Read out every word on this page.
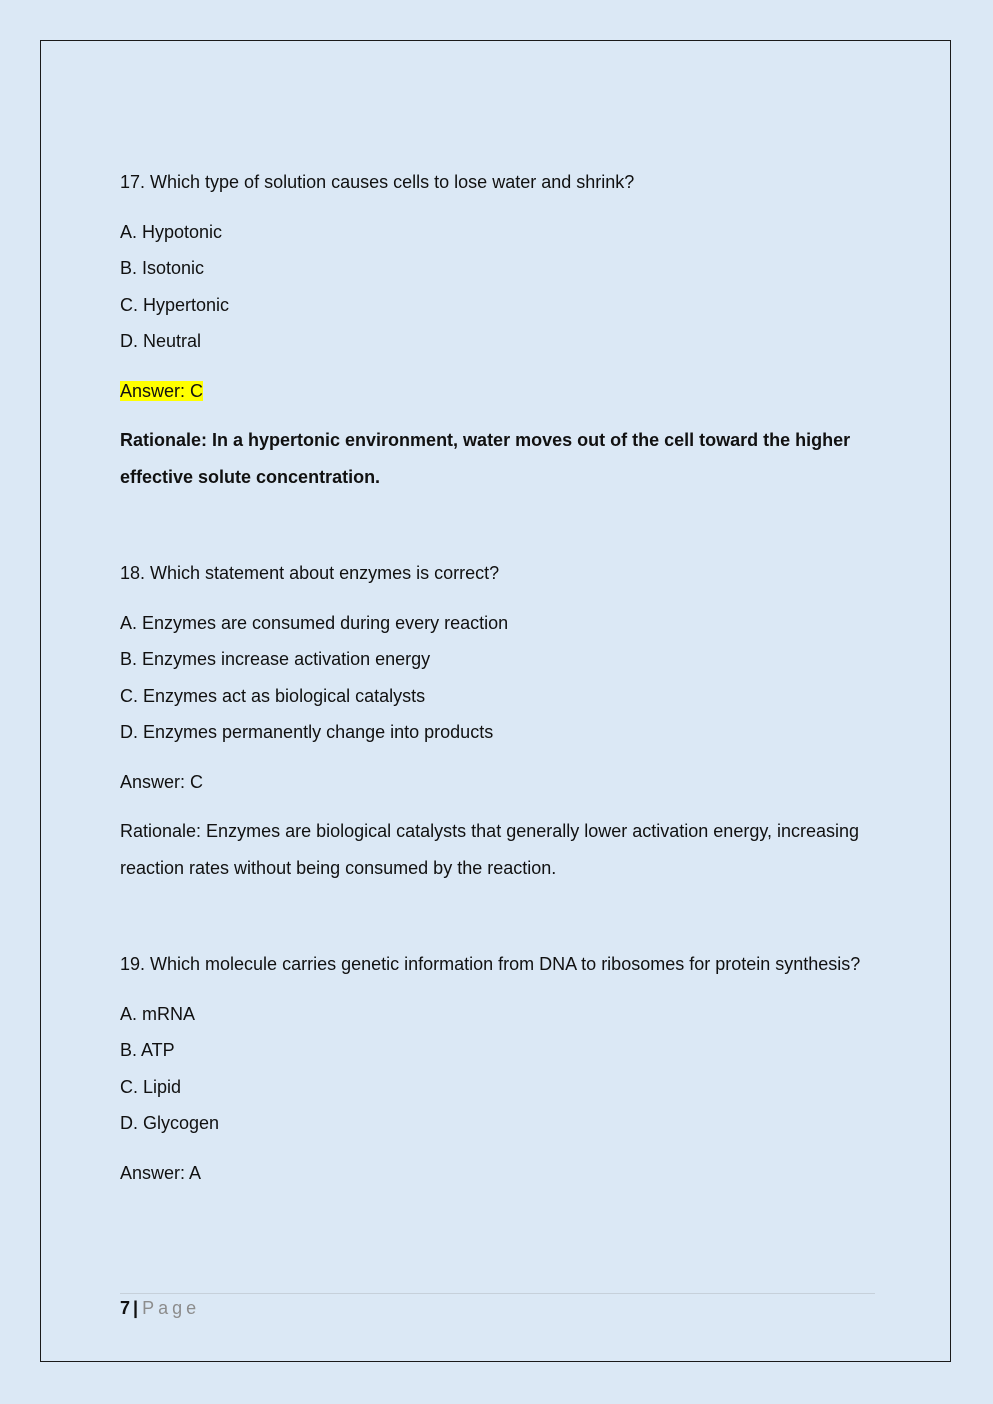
17. Which type of solution causes cells to lose water and shrink?

A. Hypotonic

B. Isotonic

C. Hypertonic

D. Neutral

Answer: C

Rationale: In a hypertonic environment, water moves out of the cell toward the higher effective solute concentration.

18. Which statement about enzymes is correct?

A. Enzymes are consumed during every reaction

B. Enzymes increase activation energy

C. Enzymes act as biological catalysts

D. Enzymes permanently change into products

Answer: C

Rationale: Enzymes are biological catalysts that generally lower activation energy, increasing reaction rates without being consumed by the reaction.

19. Which molecule carries genetic information from DNA to ribosomes for protein synthesis?

A. mRNA

B. ATP

C. Lipid

D. Glycogen

Answer: A

7 | Page
